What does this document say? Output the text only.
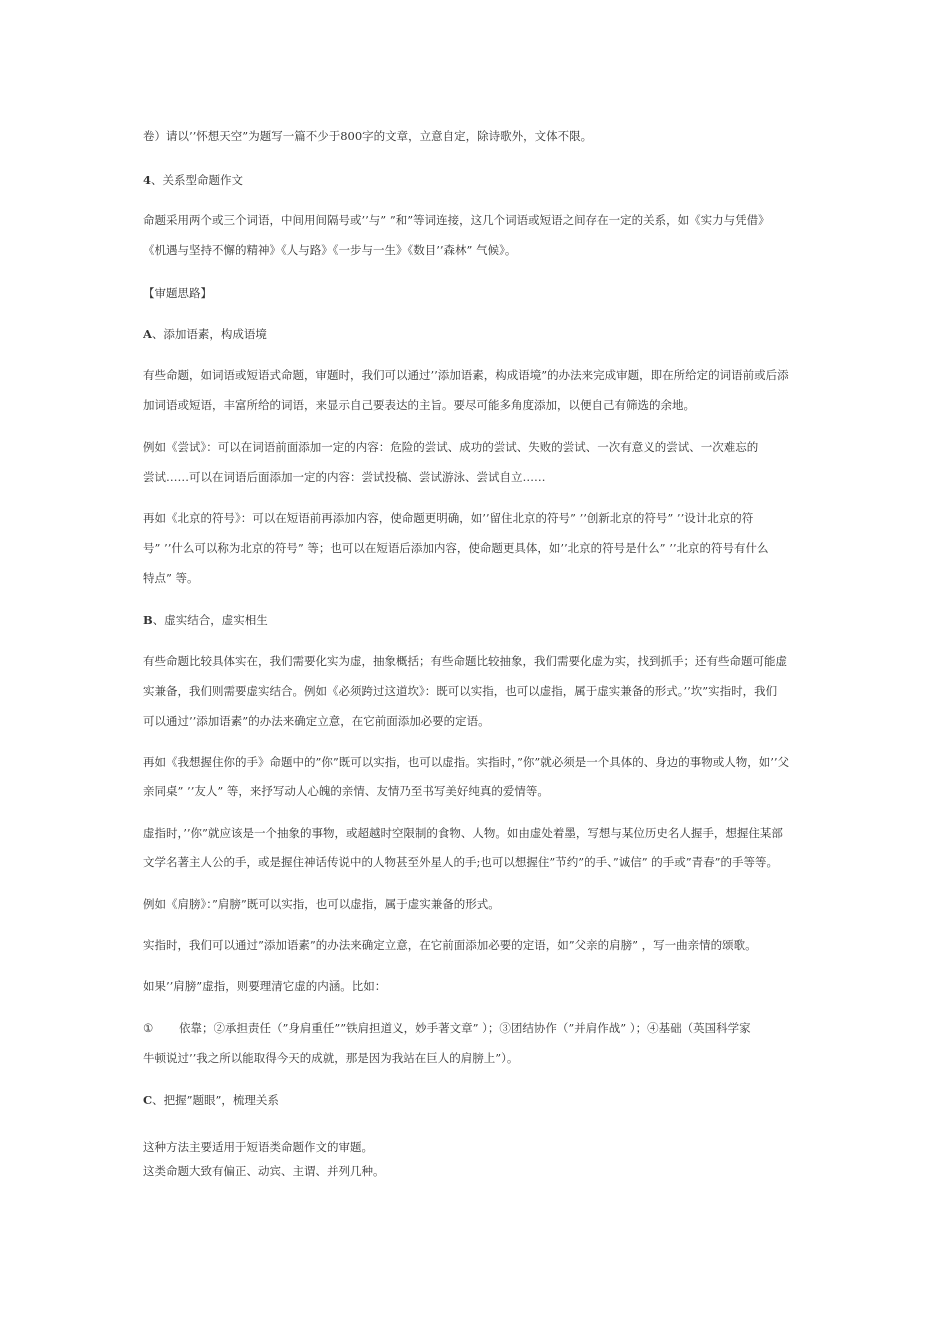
卷）请以’’怀想天空”为题写一篇不少于800字的文章，立意自定，除诗歌外，文体不限。
4、关系型命题作文
命题采用两个或三个词语，中间用间隔号或’’与” ”和”等词连接，这几个词语或短语之间存在一定的关系，如《实力与凭借》
《机遇与坚持不懈的精神》《人与路》《一步与一生》《数目’’森林” 气候》。
【审题思路】
A、添加语素，构成语境
有些命题，如词语或短语式命题，审题时，我们可以通过’’添加语素，构成语境”的办法来完成审题，即在所给定的词语前或后添
加词语或短语，丰富所给的词语，来显示自己要表达的主旨。要尽可能多角度添加，以便自己有筛选的余地。
例如《尝试》：可以在词语前面添加一定的内容：危险的尝试、成功的尝试、失败的尝试、一次有意义的尝试、一次难忘的
尝试……可以在词语后面添加一定的内容：尝试投稿、尝试游泳、尝试自立……
再如《北京的符号》：可以在短语前再添加内容，使命题更明确，如’’留住北京的符号” ’’创新北京的符号” ’’设计北京的符
号” ’’什么可以称为北京的符号” 等；也可以在短语后添加内容，使命题更具体，如’’北京的符号是什么” ’’北京的符号有什么
特点” 等。
B、虚实结合，虚实相生
有些命题比较具体实在，我们需要化实为虚，抽象概括；有些命题比较抽象，我们需要化虚为实，找到抓手；还有些命题可能虚
实兼备，我们则需要虚实结合。例如《必须跨过这道坎》：既可以实指，也可以虚指，属于虚实兼备的形式。’’坎”实指时，我们
可以通过’’添加语素”的办法来确定立意，在它前面添加必要的定语。
再如《我想握住你的手》命题中的”你”既可以实指，也可以虚指。实指时，”你”就必须是一个具体的、身边的事物或人物，如’’父
亲同桌” ’’友人” 等，来抒写动人心魄的亲情、友情乃至书写美好纯真的爱情等。
虚指时，’’你”就应该是一个抽象的事物，或超越时空限制的食物、人物。如由虚处着墨，写想与某位历史名人握手，想握住某部
文学名著主人公的手，或是握住神话传说中的人物甚至外星人的手;也可以想握住”节约”的手、”诚信” 的手或”青春”的手等等。
例如《肩膀》：”肩膀”既可以实指，也可以虚指，属于虚实兼备的形式。
实指时，我们可以通过”添加语素”的办法来确定立意，在它前面添加必要的定语，如”父亲的肩膀” ，写一曲亲情的颂歌。
如果’’肩膀”虚指，则要理清它虚的内涵。比如：
① 依靠；②承担责任（”身肩重任””铁肩担道义，妙手著文章” ）；③团结协作（”并肩作战” ）；④基础（英国科学家
牛顿说过’’我之所以能取得今天的成就，那是因为我站在巨人的肩膀上”）。
C、把握”题眼”，梳理关系
这种方法主要适用于短语类命题作文的审题。
这类命题大致有偏正、动宾、主谓、并列几种。
